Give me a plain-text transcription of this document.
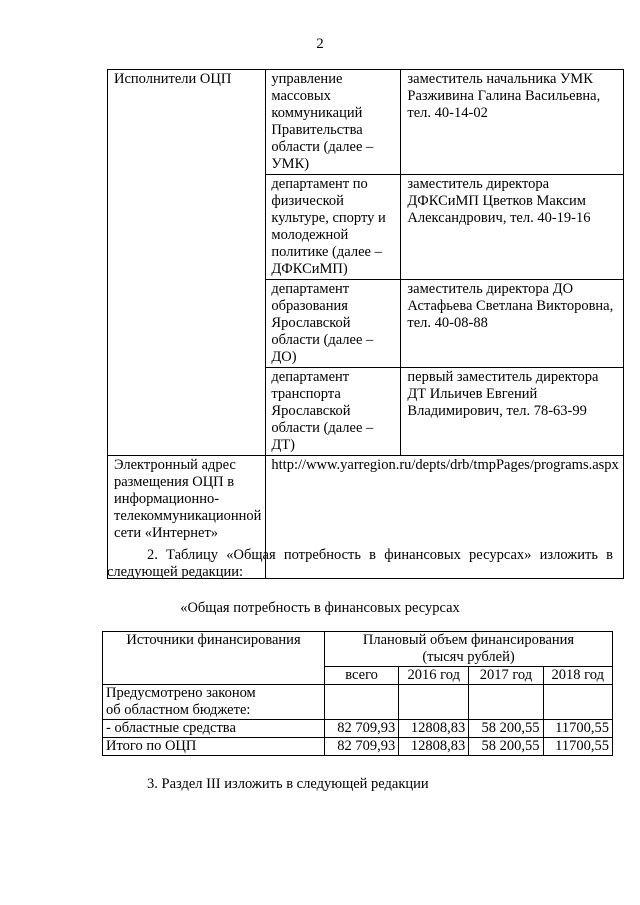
2
Исполнители ОЦП	управление массовых коммуникаций Правительства области (далее – УМК)	заместитель начальника УМК Разживина Галина Васильевна, тел. 40-14-02
	департамент по физической культуре, спорту и молодежной политике (далее – ДФКСиМП)	заместитель директора ДФКСиМП Цветков Максим Александрович, тел. 40-19-16
	департамент образования Ярославской области (далее – ДО)	заместитель директора ДО Астафьева Светлана Викторовна, тел. 40-08-88
	департамент транспорта Ярославской области (далее – ДТ)	первый заместитель директора ДТ Ильичев Евгений Владимирович, тел. 78-63-99
Электронный адрес размещения ОЦП в информационно-телекоммуникационной сети «Интернет»	http://www.yarregion.ru/depts/drb/tmpPages/programs.aspx	
2. Таблицу «Общая потребность в финансовых ресурсах» изложить в следующей редакции:
«Общая потребность в финансовых ресурсах
Источники финансирования	Плановый объем финансирования
(тысяч рублей)			

	всего	2016 год	2017 год	2018 год

Предусмотрено законом
об областном бюджете:				

- областные средства	82 709,93	12808,83	58 200,55	11700,55
Итого по ОЦП	82 709,93	12808,83	58 200,55	11700,55
3. Раздел III изложить в следующей редакции
